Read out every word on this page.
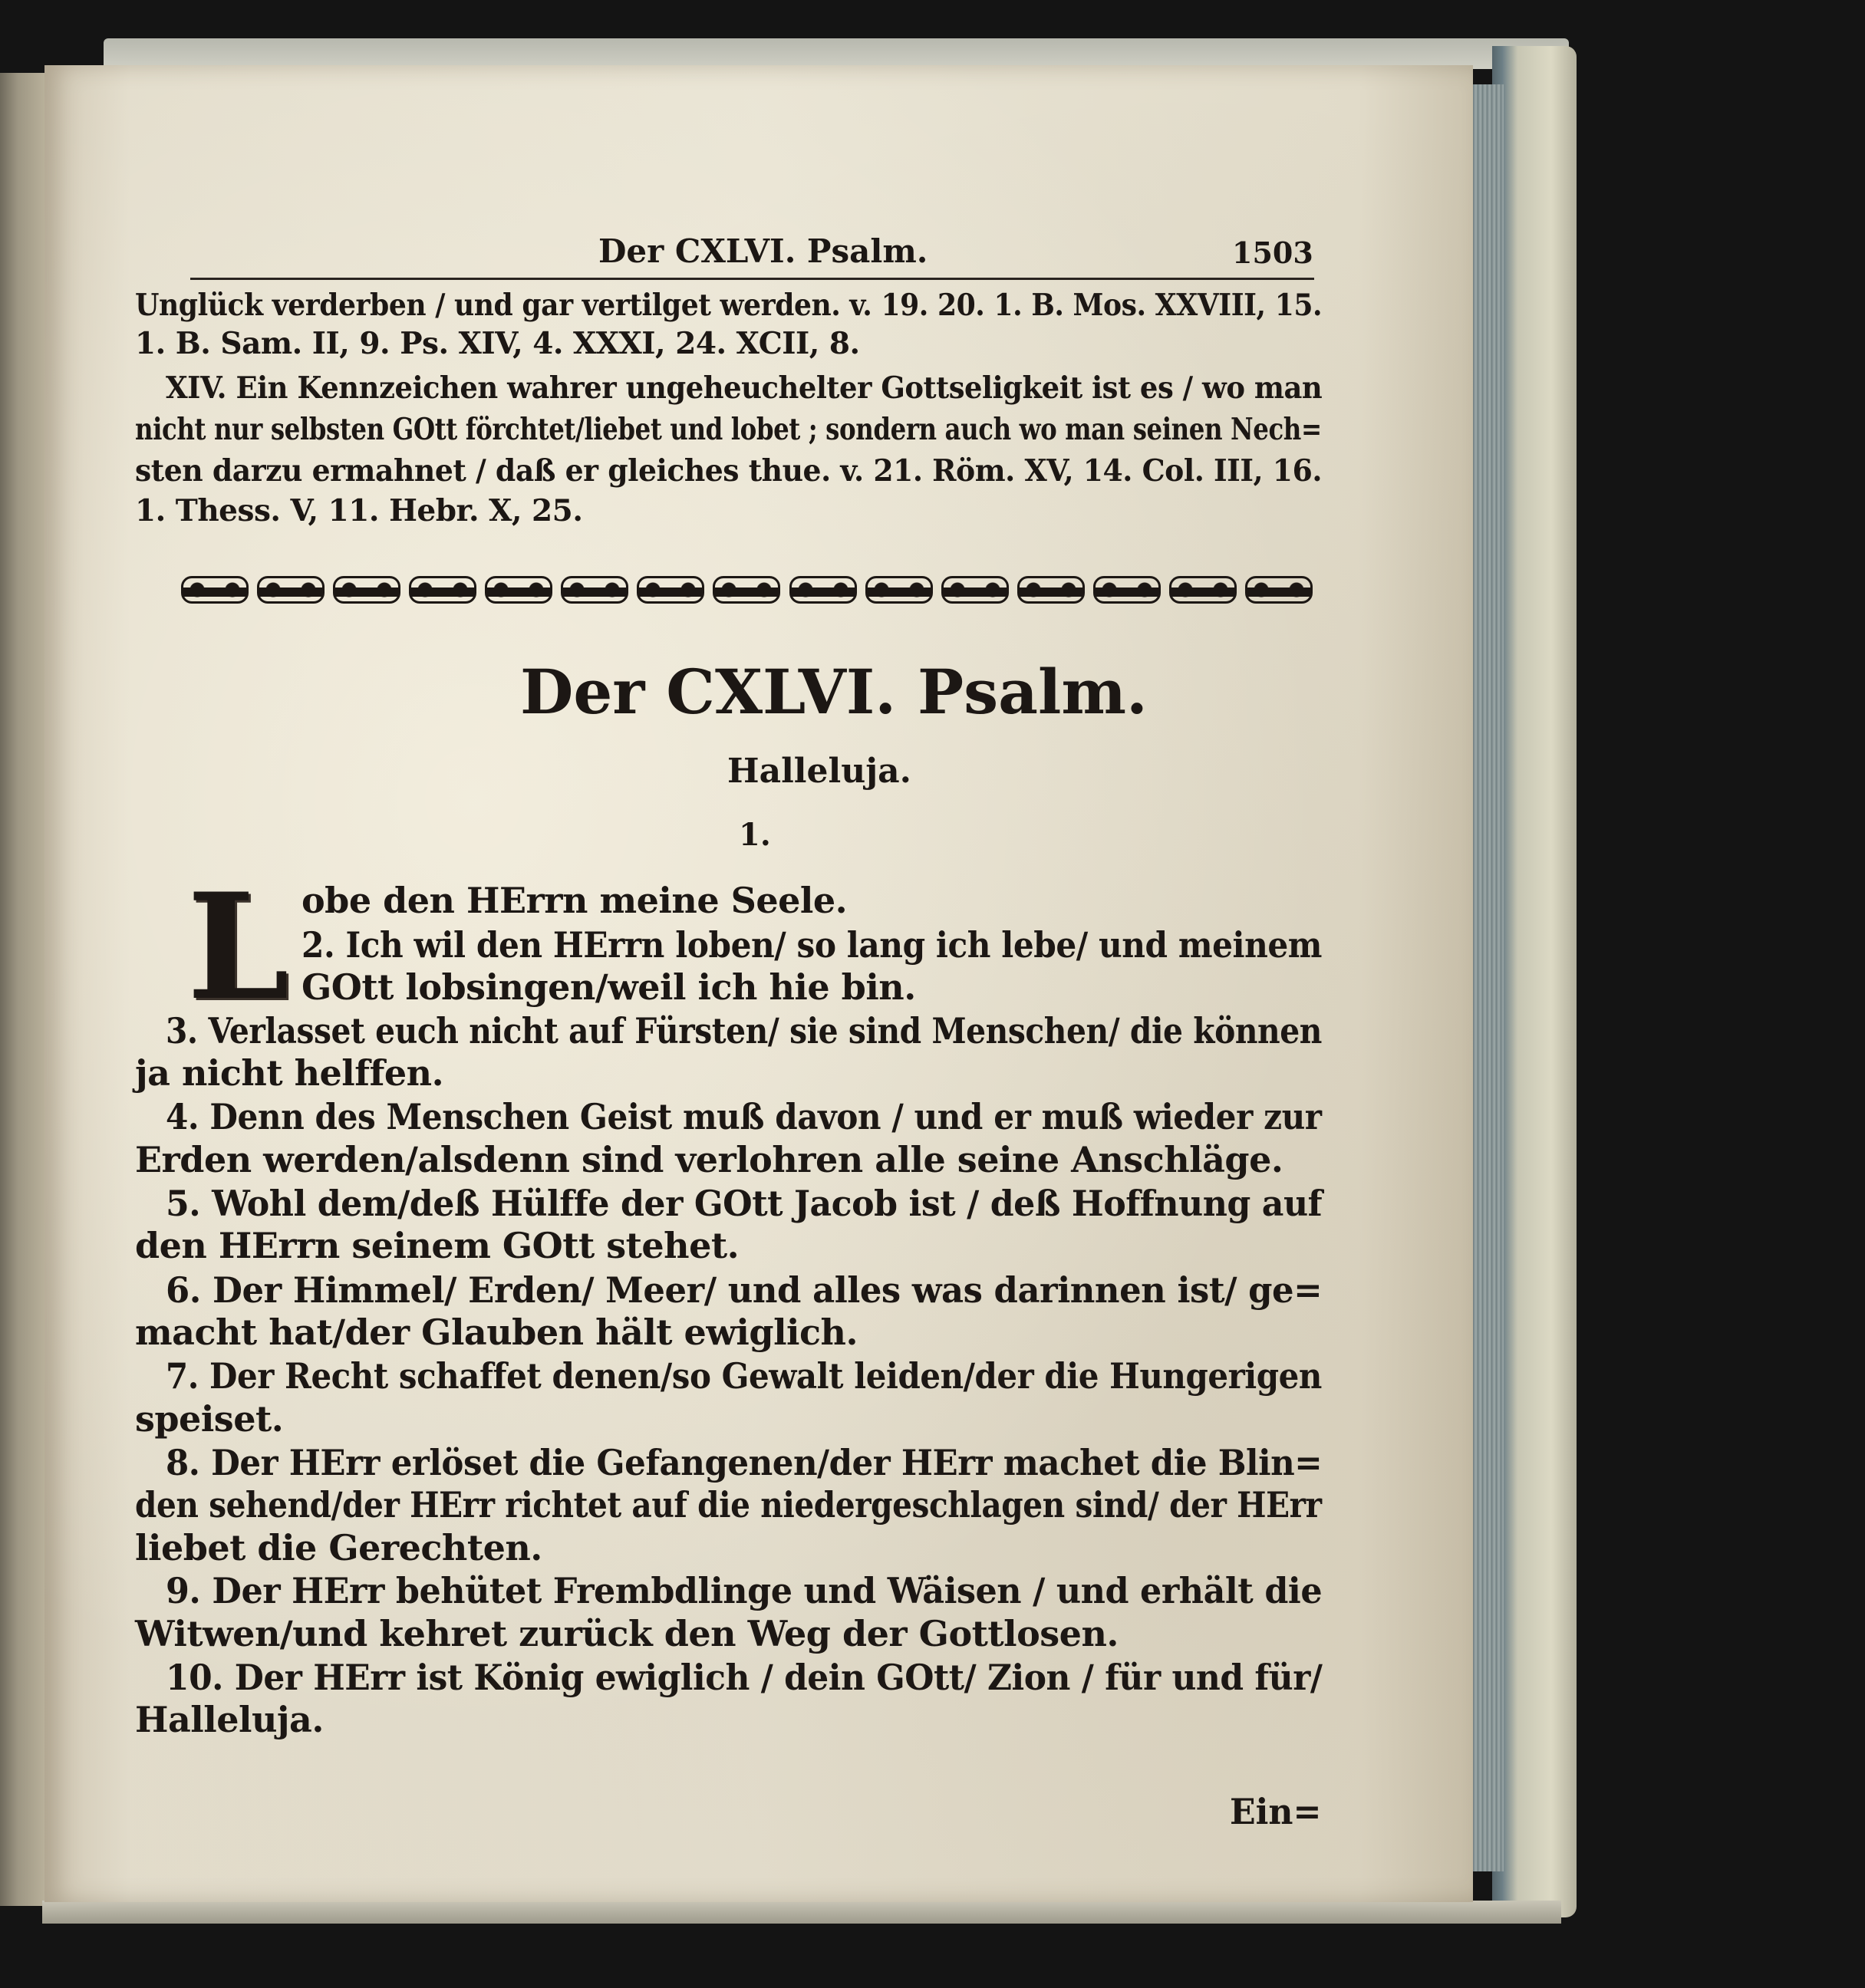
Der CXLVI. Psalm.	1503
Unglück verderben / und gar vertilget werden. v. 19. 20. 1. B. Mos. XXVIII, 15.
1. B. Sam. II, 9. Ps. XIV, 4. XXXI, 24. XCII, 8.
XIV. Ein Kennzeichen wahrer ungeheuchelter Gottseligkeit ist es / wo man
nicht nur selbsten GOtt förchtet/liebet und lobet ; sondern auch wo man seinen Nech=
sten darzu ermahnet / daß er gleiches thue. v. 21. Röm. XV, 14. Col. III, 16.
1. Thess. V, 11. Hebr. X, 25.
Der CXLVI. Psalm.
Halleluja.
1.
L obe den HErrn meine Seele.
2. Ich wil den HErrn loben/ so lang ich lebe/ und meinem
GOtt lobsingen/weil ich hie bin.
3. Verlasset euch nicht auf Fürsten/ sie sind Menschen/ die können
ja nicht helffen.
4. Denn des Menschen Geist muß davon / und er muß wieder zur
Erden werden/alsdenn sind verlohren alle seine Anschläge.
5. Wohl dem/deß Hülffe der GOtt Jacob ist / deß Hoffnung auf
den HErrn seinem GOtt stehet.
6. Der Himmel/ Erden/ Meer/ und alles was darinnen ist/ ge=
macht hat/der Glauben hält ewiglich.
7. Der Recht schaffet denen/so Gewalt leiden/der die Hungerigen
speiset.
8. Der HErr erlöset die Gefangenen/der HErr machet die Blin=
den sehend/der HErr richtet auf die niedergeschlagen sind/ der HErr
liebet die Gerechten.
9. Der HErr behütet Frembdlinge und Wäisen / und erhält die
Witwen/und kehret zurück den Weg der Gottlosen.
10. Der HErr ist König ewiglich / dein GOtt/ Zion / für und für/
Halleluja.
Ein=
